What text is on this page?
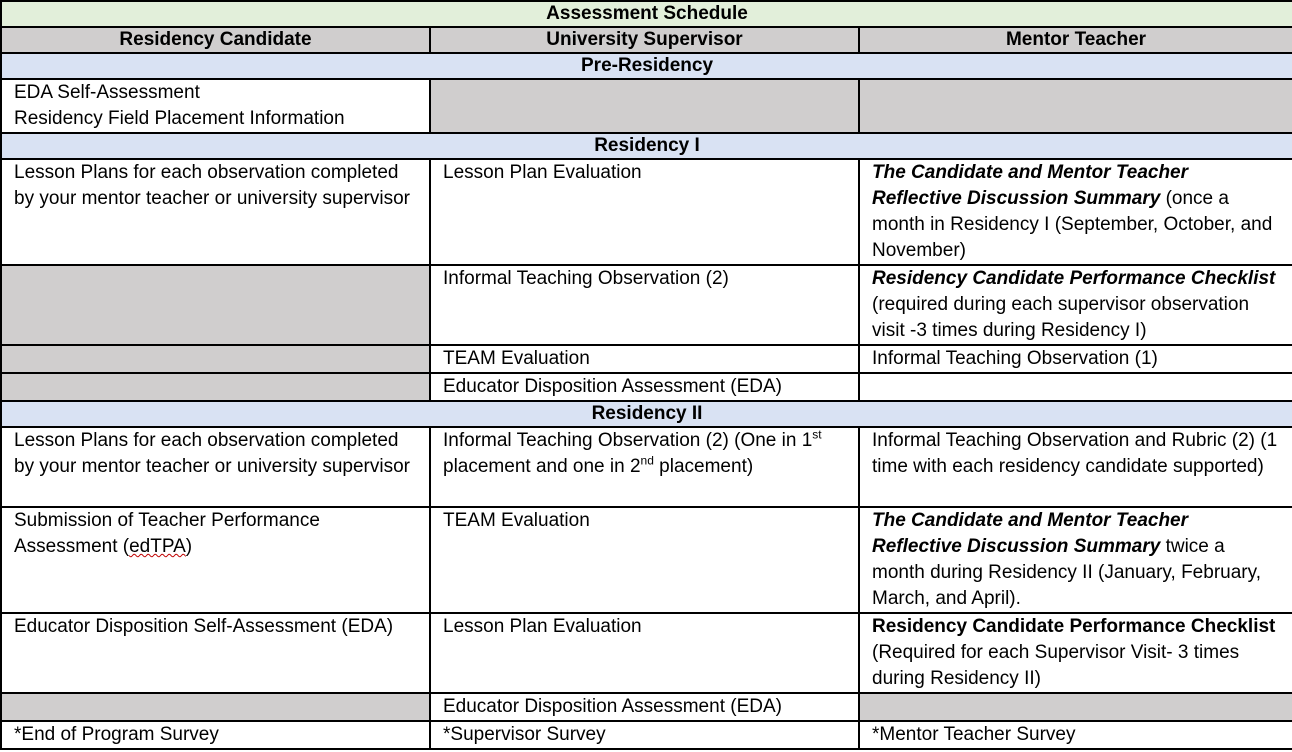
Assessment Schedule		
Residency Candidate	University Supervisor	Mentor Teacher
Pre-Residency		

EDA Self-Assessment
Residency Field Placement Information		

Residency I		
Lesson Plans for each observation completed by your mentor teacher or university supervisor	Lesson Plan Evaluation	The Candidate and Mentor Teacher Reflective Discussion Summary (once a month in Residency I (September, October, and November)
	Informal Teaching Observation (2)	Residency Candidate Performance Checklist (required during each supervisor observation visit -3 times during Residency I)
	TEAM Evaluation	Informal Teaching Observation (1)
	Educator Disposition Assessment (EDA)	
Residency II		
Lesson Plans for each observation completed by your mentor teacher or university supervisor	Informal Teaching Observation (2) (One in 1st placement and one in 2nd placement)	Informal Teaching Observation and Rubric (2) (1 time with each residency candidate supported)
Submission of Teacher Performance Assessment (edTPA)	TEAM Evaluation	The Candidate and Mentor Teacher Reflective Discussion Summary twice a month during Residency II (January, February, March, and April).
Educator Disposition Self-Assessment (EDA)	Lesson Plan Evaluation	Residency Candidate Performance Checklist (Required for each Supervisor Visit- 3 times during Residency II)
	Educator Disposition Assessment (EDA)	
*End of Program Survey	*Supervisor Survey	*Mentor Teacher Survey
